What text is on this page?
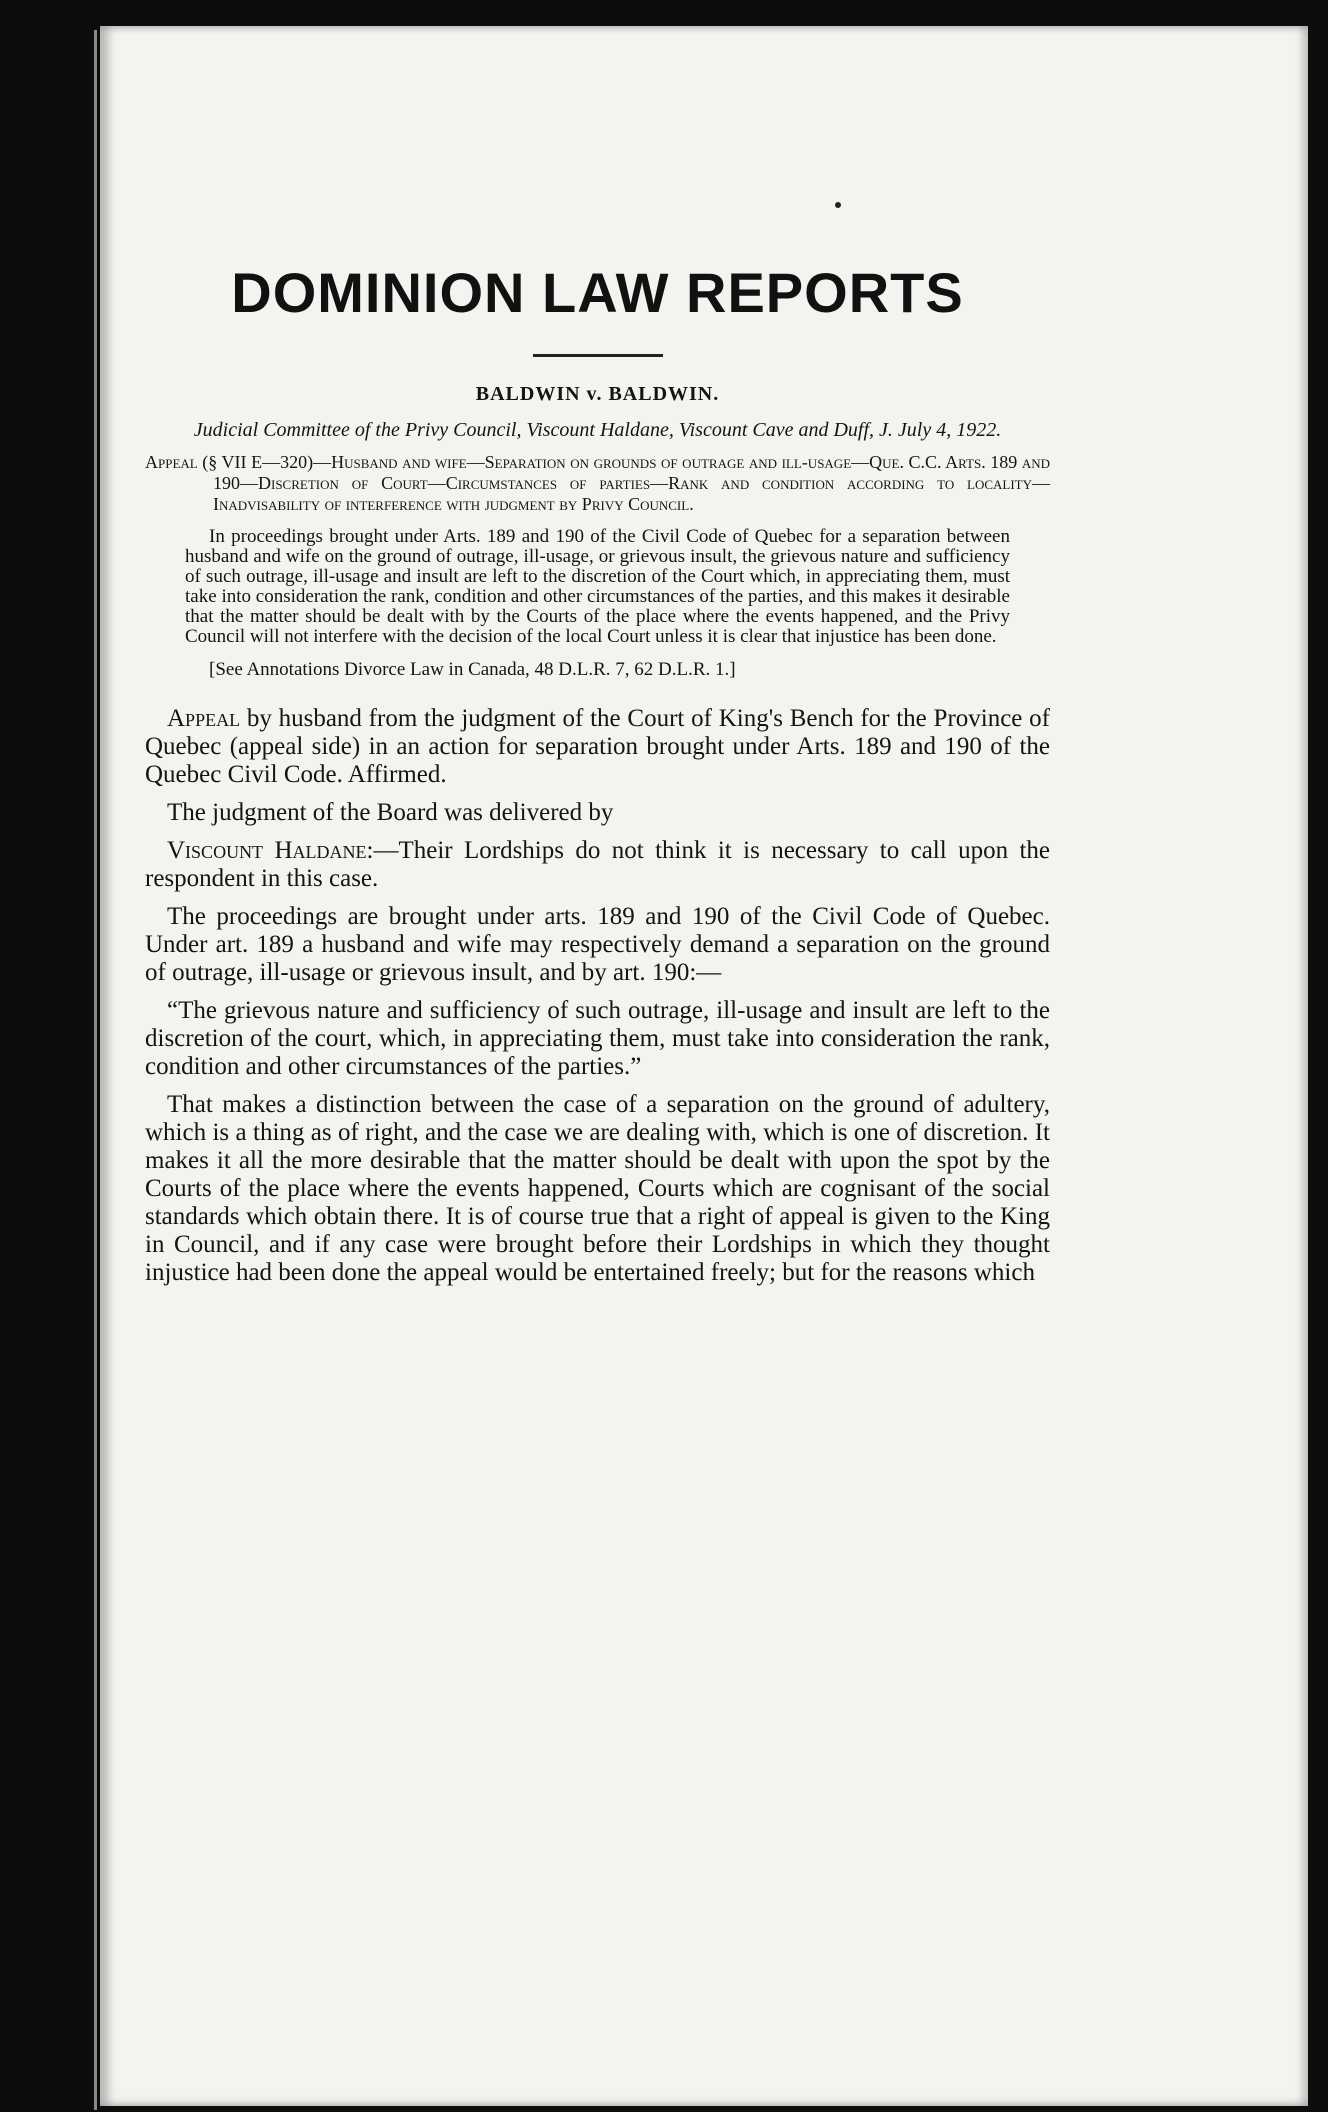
DOMINION LAW REPORTS

BALDWIN v. BALDWIN.

Judicial Committee of the Privy Council, Viscount Haldane, Viscount Cave and Duff, J. July 4, 1922.

Appeal (§ VII E—320)—Husband and wife—Separation on grounds of outrage and ill-usage—Que. C.C. Arts. 189 and 190—Discretion of Court—Circumstances of parties—Rank and condition according to locality—Inadvisability of interference with judgment by Privy Council.

In proceedings brought under Arts. 189 and 190 of the Civil Code of Quebec for a separation between husband and wife on the ground of outrage, ill-usage, or grievous insult, the grievous nature and sufficiency of such outrage, ill-usage and insult are left to the discretion of the Court which, in appreciating them, must take into consideration the rank, condition and other circumstances of the parties, and this makes it desirable that the matter should be dealt with by the Courts of the place where the events happened, and the Privy Council will not interfere with the decision of the local Court unless it is clear that injustice has been done.

[See Annotations Divorce Law in Canada, 48 D.L.R. 7, 62 D.L.R. 1.]

Appeal by husband from the judgment of the Court of King's Bench for the Province of Quebec (appeal side) in an action for separation brought under Arts. 189 and 190 of the Quebec Civil Code. Affirmed.

The judgment of the Board was delivered by

Viscount Haldane:—Their Lordships do not think it is necessary to call upon the respondent in this case.

The proceedings are brought under arts. 189 and 190 of the Civil Code of Quebec. Under art. 189 a husband and wife may respectively demand a separation on the ground of outrage, ill-usage or grievous insult, and by art. 190:—

“The grievous nature and sufficiency of such outrage, ill-usage and insult are left to the discretion of the court, which, in appreciating them, must take into consideration the rank, condition and other circumstances of the parties.”

That makes a distinction between the case of a separation on the ground of adultery, which is a thing as of right, and the case we are dealing with, which is one of discretion. It makes it all the more desirable that the matter should be dealt with upon the spot by the Courts of the place where the events happened, Courts which are cognisant of the social standards which obtain there. It is of course true that a right of appeal is given to the King in Council, and if any case were brought before their Lordships in which they thought injustice had been done the appeal would be entertained freely; but for the reasons which
